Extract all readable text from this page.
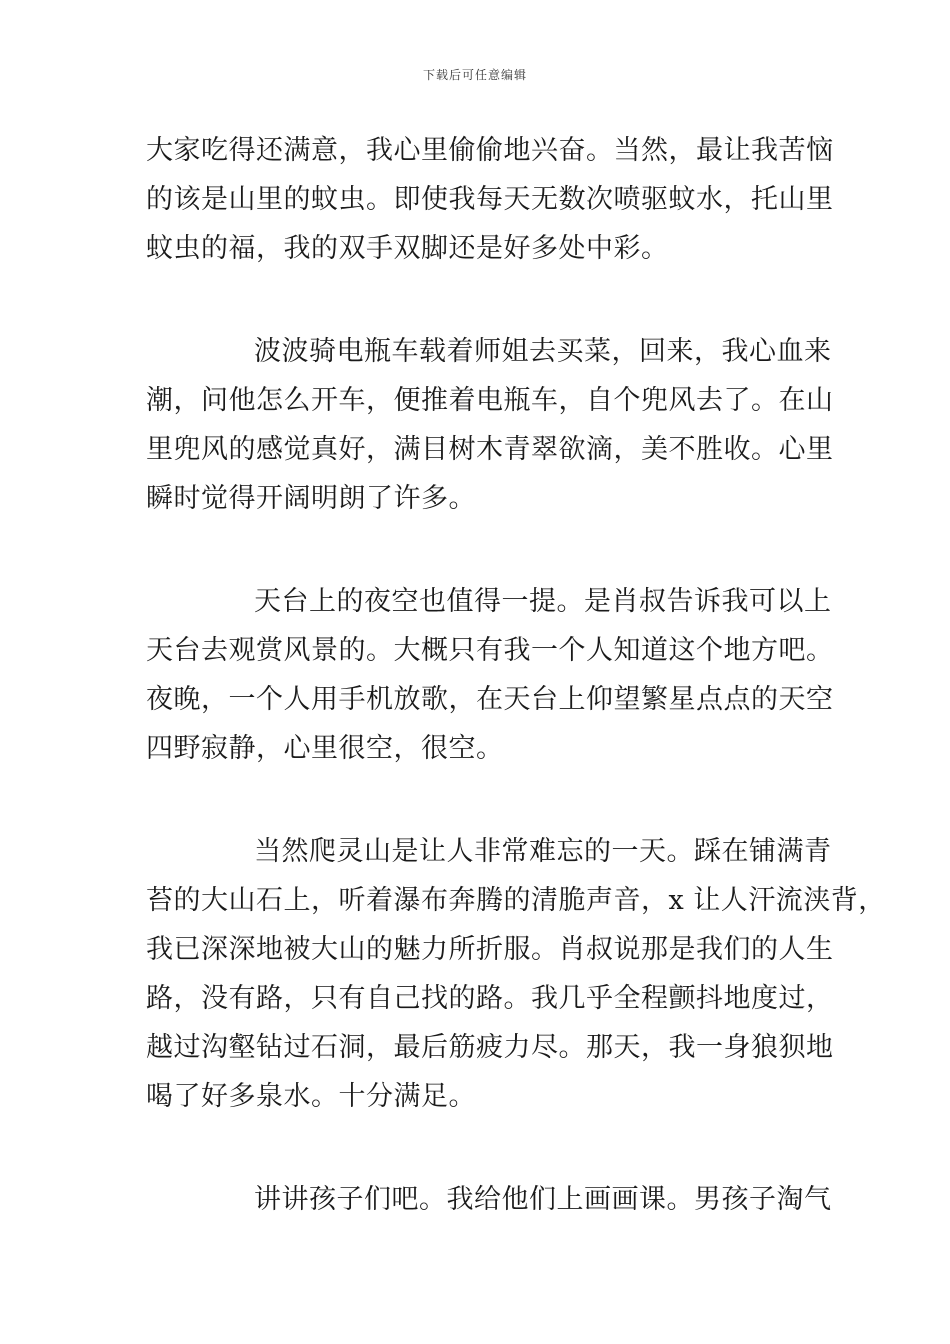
下载后可任意编辑
大家吃得还满意，我心里偷偷地兴奋。当然，最让我苦恼
的该是山里的蚊虫。即使我每天无数次喷驱蚊水，托山里
蚊虫的福，我的双手双脚还是好多处中彩。
波波骑电瓶车载着师姐去买菜，回来，我心血来
潮，问他怎么开车，便推着电瓶车，自个兜风去了。在山
里兜风的感觉真好，满目树木青翠欲滴，美不胜收。心里
瞬时觉得开阔明朗了许多。
天台上的夜空也值得一提。是肖叔告诉我可以上
天台去观赏风景的。大概只有我一个人知道这个地方吧。
夜晚，一个人用手机放歌，在天台上仰望繁星点点的天空
四野寂静，心里很空，很空。
当然爬灵山是让人非常难忘的一天。踩在铺满青
苔的大山石上，听着瀑布奔腾的清脆声音，x 让人汗流浃背，
我已深深地被大山的魅力所折服。肖叔说那是我们的人生
路，没有路，只有自己找的路。我几乎全程颤抖地度过，
越过沟壑钻过石洞，最后筋疲力尽。那天，我一身狼狈地
喝了好多泉水。十分满足。
讲讲孩子们吧。我给他们上画画课。男孩子淘气
